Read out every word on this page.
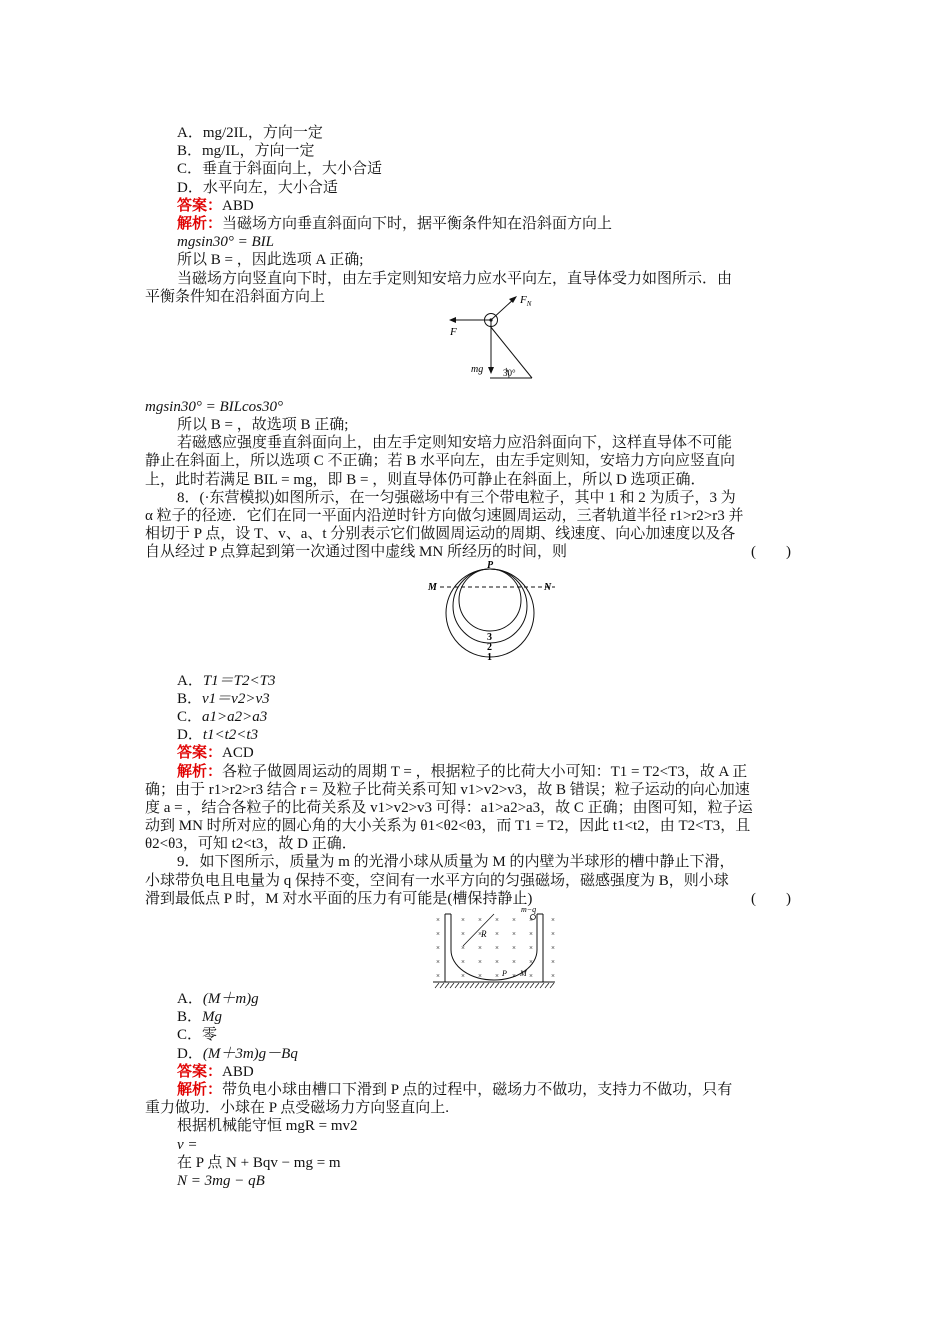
A．mg/2IL，方向一定
B．mg/IL，方向一定
C．垂直于斜面向上，大小合适
D．水平向左，大小合适
答案：ABD
解析：当磁场方向垂直斜面向下时，据平衡条件知在沿斜面方向上
mgsin30° = BIL
所以 B = ，因此选项 A 正确;
当磁场方向竖直向下时，由左手定则知安培力应水平向左，直导体受力如图所示．由
平衡条件知在沿斜面方向上	$F_N$
F
mg 30°
mgsin30° = BILcos30°
所以 B = ，故选项 B 正确;
若磁感应强度垂直斜面向上，由左手定则知安培力应沿斜面向下，这样直导体不可能
静止在斜面上，所以选项 C 不正确；若 B 水平向左，由左手定则知，安培力方向应竖直向
上，此时若满足 BIL = mg，即 B = ，则直导体仍可静止在斜面上，所以 D 选项正确．
8．(·东营模拟)如图所示，在一匀强磁场中有三个带电粒子，其中 1 和 2 为质子，3 为
α 粒子的径迹．它们在同一平面内沿逆时针方向做匀速圆周运动，三者轨道半径 r1>r2>r3 并
相切于 P 点，设 T、v、a、t 分别表示它们做圆周运动的周期、线速度、向心加速度以及各
自从经过 P 点算起到第一次通过图中虚线 MN 所经历的时间，则	(　　)
P
M	N
3
2
1
A．T1＝T2<T3
B．v1＝v2>v3
C．a1>a2>a3
D．t1<t2<t3
答案：ACD
解析：各粒子做圆周运动的周期 T = ，根据粒子的比荷大小可知：T1 = T2<T3，故 A 正
确；由于 r1>r2>r3 结合 r = 及粒子比荷关系可知 v1>v2>v3，故 B 错误；粒子运动的向心加速
度 a = ，结合各粒子的比荷关系及 v1>v2>v3 可得：a1>a2>a3，故 C 正确；由图可知，粒子运
动到 MN 时所对应的圆心角的大小关系为 θ1<θ2<θ3，而 T1 = T2，因此 t1<t2，由 T2<T3，且
θ2<θ3，可知 t2<t3，故 D 正确．
9．如下图所示，质量为 m 的光滑小球从质量为 M 的内壁为半球形的槽中静止下滑，
小球带负电且电量为 q 保持不变，空间有一水平方向的匀强磁场，磁感强度为 B，则小球
滑到最低点 P 时，M 对水平面的压力有可能是(槽保持静止)	(　　)
m−q
R
P M
×	× × × × ×	×
×	× × × × ×	×
×	× × × × ×	×
×	× × × × ×	×
×	× × × × ×	×
A．(M＋m)g
B．Mg
C．零
D．(M＋3m)g－Bq
答案：ABD
解析：带负电小球由槽口下滑到 P 点的过程中，磁场力不做功，支持力不做功，只有
重力做功．小球在 P 点受磁场力方向竖直向上.
根据机械能守恒 mgR = mv2
v =
在 P 点 N + Bqv − mg = m
N = 3mg − qB
